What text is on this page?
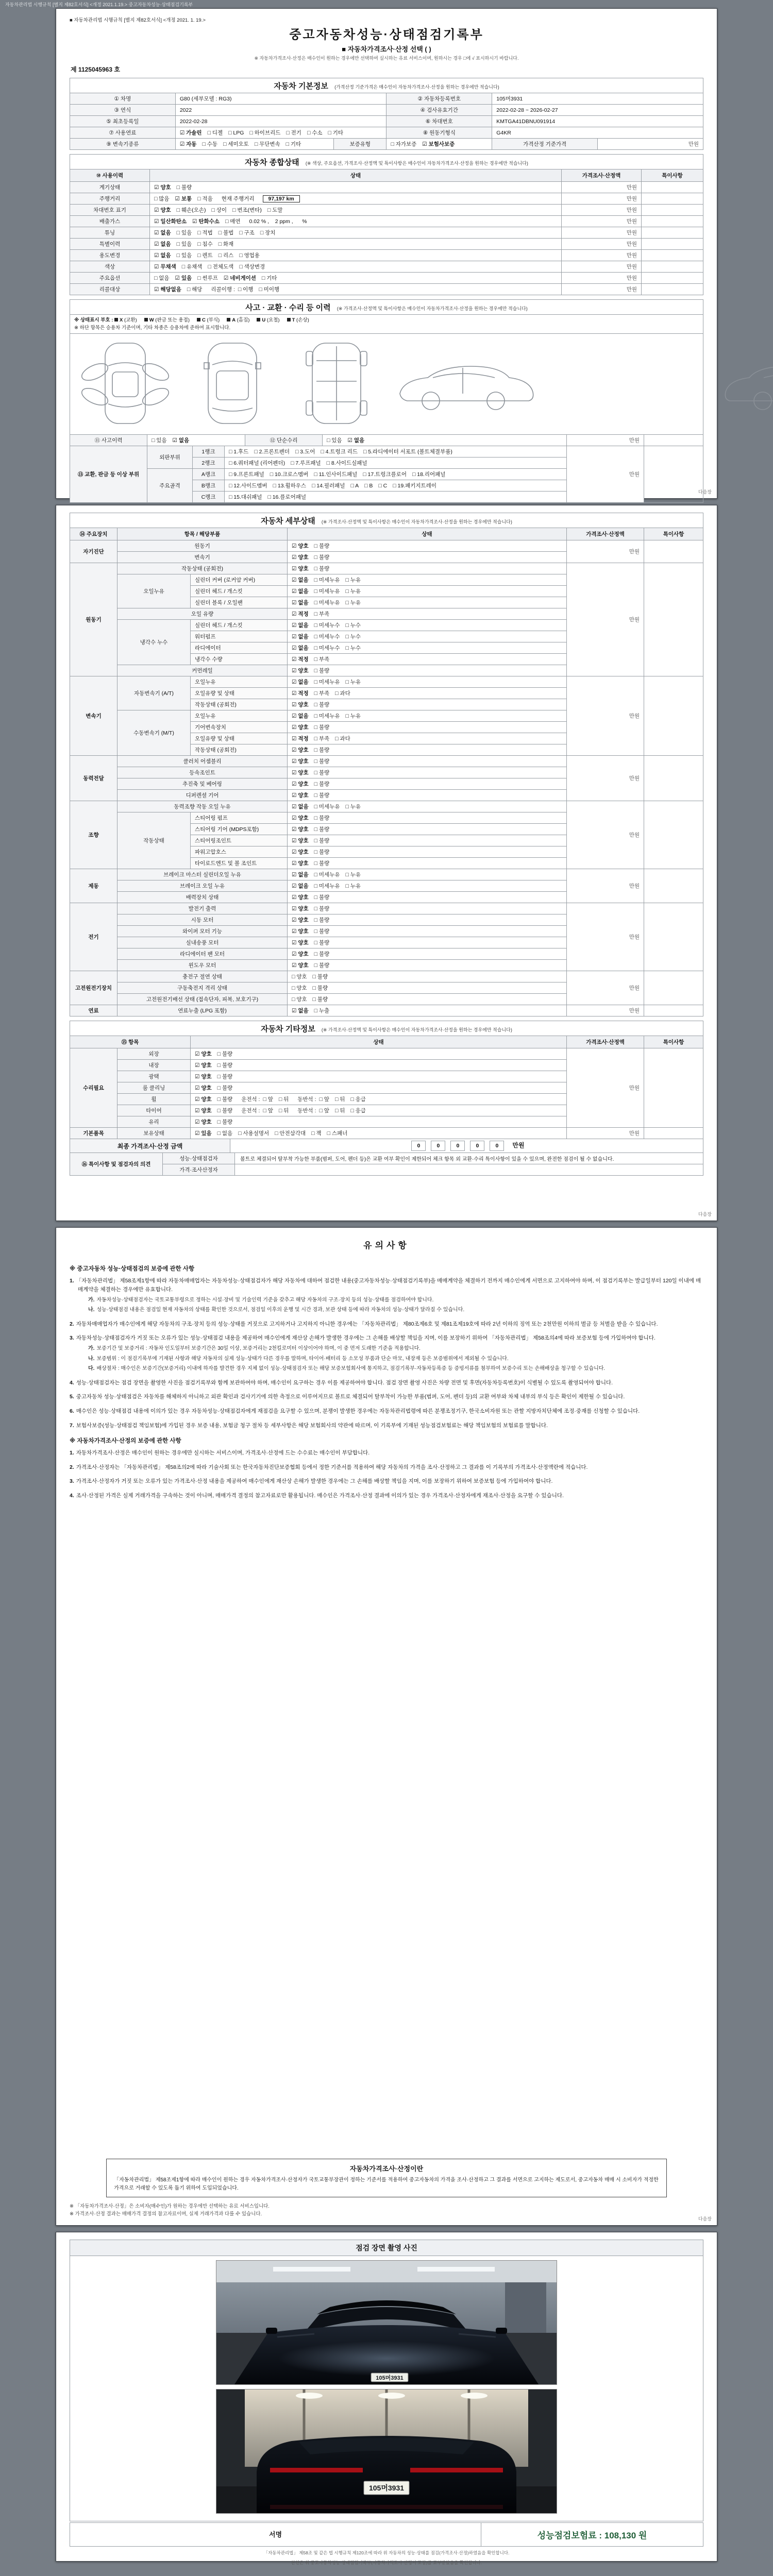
자동차관리법 시행규칙 [별지 제82호서식] <개정 2021.1.19.> 중고자동차성능·상태점검기록부
■ 자동차관리법 시행규칙 [별지 제82호서식] <개정 2021. 1. 19.>
중고자동차성능·상태점검기록부
■ 자동차가격조사·산정 선택 ( )
※ 자동차가격조사·산정은 매수인이 원하는 경우에만 선택하여 실시하는 유료 서비스이며, 원하시는 경우 □에 √ 표시하시기 바랍니다.
제 1125045963 호
자동차 기본정보 (가격산정 기준가격은 매수인이 자동차가격조사·산정을 원하는 경우에만 적습니다)
① 차명	G80 (세부모델 : RG3)		② 자동차등록번호	105머3931	
③ 연식	2022		④ 검사유효기간	2022-02-28 ~ 2026-02-27	
⑤ 최초등록일	2022-02-28		⑥ 차대번호	KMTGA41DBNU091914	
⑦ 사용연료	☑ 가솔린 □ 디젤 □ LPG □ 하이브리드 □ 전기 □ 수소 □ 기타		⑧ 원동기형식	G4KR	
⑨ 변속기종류	☑ 자동 □ 수동 □ 세미오토 □ 무단변속 □ 기타	보증유형	□ 자가보증 ☑ 보험사보증	가격산정 기준가격	만원
자동차 종합상태 (※ 색상, 주요옵션, 가격조사·산정액 및 특이사항은 매수인이 자동차가격조사·산정을 원하는 경우에만 적습니다)
⑩ 사용이력	상태	가격조사·산정액	특이사항
계기상태	☑ 양호 □ 불량	만원	
주행거리	□ 많음 ☑ 보통 □ 적음 현재 주행거리 97,197 km	만원	
차대번호 표기	☑ 양호 □ 훼손(오손) □ 상이 □ 변조(변타) □ 도말	만원	
배출가스	☑ 일산화탄소 ☑ 탄화수소 □ 매연 0.02 % ,    2 ppm ,      %	만원	
튜닝	☑ 없음 □ 있음 □ 적법 □ 불법 □ 구조 □ 장치	만원	
특별이력	☑ 없음 □ 있음 □ 침수 □ 화재	만원	
용도변경	☑ 없음 □ 있음 □ 렌트 □ 리스 □ 영업용	만원	
색상	☑ 무채색 □ 유채색 □ 전체도색 □ 색상변경	만원	
주요옵션	□ 없음 ☑ 있음 □ 썬루프 ☑ 네비게이션 □ 기타	만원	
리콜대상	☑ 해당없음 □ 해당 리콜이행 : □ 이행 □ 미이행	만원	
사고 · 교환 · 수리 등 이력 (※ 가격조사·산정액 및 특이사항은 매수인이 자동차가격조사·산정을 원하는 경우에만 적습니다)
※ 상태표시 부호 : X (교환)	W (판금 또는 용접)	C (부식)	A (흠집)	U (요철)	T (손상)
※ 하단 항목은 승용차 기준이며, 기타 차종은 승용차에 준하여 표시합니다.
⑪ 사고이력	□ 있음 ☑ 없음	⑫ 단순수리	□ 있음 ☑ 없음	만원	
⑬ 교환, 판금 등 이상 부위	외판부위	1랭크	□ 1.후드 □ 2.프론트펜더 □ 3.도어 □ 4.트렁크 리드 □ 5.라디에이터 서포트 (볼트체결부품)	만원	
		2랭크	□ 6.쿼터패널 (리어펜더) □ 7.루프패널 □ 8.사이드실패널		
	주요골격	A랭크	□ 9.프론트패널 □ 10.크로스멤버 □ 11.인사이드패널 □ 17.트렁크플로어 □ 18.리어패널		
		B랭크	□ 12.사이드멤버 □ 13.휠하우스 □ 14.필러패널 □ A □ B □ C □ 19.패키지트레이		
		C랭크	□ 15.대쉬패널 □ 16.플로어패널		
다음장
자동차 세부상태 (※ 가격조사·산정액 및 특이사항은 매수인이 자동차가격조사·산정을 원하는 경우에만 적습니다)
⑭ 주요장치	항목 / 해당부품		상태	가격조사·산정액	특이사항
자기진단	원동기		☑ 양호 □ 불량	만원	
	변속기		☑ 양호 □ 불량		
원동기	작동상태 (공회전)		☑ 양호 □ 불량	만원	
	오일누유	실린더 커버 (로커암 커버)	☑ 없음 □ 미세누유 □ 누유		
		실린더 헤드 / 개스킷	☑ 없음 □ 미세누유 □ 누유		
		실린더 블록 / 오일팬	☑ 없음 □ 미세누유 □ 누유		
	오일 유량		☑ 적정 □ 부족		
	냉각수 누수	실린더 헤드 / 개스킷	☑ 없음 □ 미세누수 □ 누수		
		워터펌프	☑ 없음 □ 미세누수 □ 누수		
		라디에이터	☑ 없음 □ 미세누수 □ 누수		
		냉각수 수량	☑ 적정 □ 부족		
	커먼레일		☑ 양호 □ 불량		
변속기	자동변속기 (A/T)	오일누유	☑ 없음 □ 미세누유 □ 누유	만원	
		오일유량 및 상태	☑ 적정 □ 부족 □ 과다		
		작동상태 (공회전)	☑ 양호 □ 불량		
	수동변속기 (M/T)	오일누유	☑ 없음 □ 미세누유 □ 누유		
		기어변속장치	☑ 양호 □ 불량		
		오일유량 및 상태	☑ 적정 □ 부족 □ 과다		
		작동상태 (공회전)	☑ 양호 □ 불량		
동력전달	클러치 어셈블리		☑ 양호 □ 불량	만원	
	등속조인트		☑ 양호 □ 불량		
	추진축 및 베어링		☑ 양호 □ 불량		
	디퍼렌셜 기어		☑ 양호 □ 불량		
조향	동력조향 작동 오일 누유		☑ 없음 □ 미세누유 □ 누유	만원	
	작동상태	스티어링 펌프	☑ 양호 □ 불량		
		스티어링 기어 (MDPS포함)	☑ 양호 □ 불량		
		스티어링조인트	☑ 양호 □ 불량		
		파워고압호스	☑ 양호 □ 불량		
		타이로드엔드 및 볼 조인트	☑ 양호 □ 불량		
제동	브레이크 마스터 실린더오일 누유		☑ 없음 □ 미세누유 □ 누유	만원	
	브레이크 오일 누유		☑ 없음 □ 미세누유 □ 누유		
	배력장치 상태		☑ 양호 □ 불량		
전기	발전기 출력		☑ 양호 □ 불량	만원	
	시동 모터		☑ 양호 □ 불량		
	와이퍼 모터 기능		☑ 양호 □ 불량		
	실내송풍 모터		☑ 양호 □ 불량		
	라디에이터 팬 모터		☑ 양호 □ 불량		
	윈도우 모터		☑ 양호 □ 불량		
고전원전기장치	충전구 절연 상태		□ 양호 □ 불량	만원	
	구동축전지 격리 상태		□ 양호 □ 불량		
	고전원전기배선 상태 (접속단자, 피복, 보호기구)		□ 양호 □ 불량		
연료	연료누출 (LPG 포함)		☑ 없음 □ 누출	만원	
자동차 기타정보 (※ 가격조사·산정액 및 특이사항은 매수인이 자동차가격조사·산정을 원하는 경우에만 적습니다)
⑮ 항목		상태	가격조사·산정액	특이사항
수리필요	외장	☑ 양호 □ 불량	만원	
	내장	☑ 양호 □ 불량		
	광택	☑ 양호 □ 불량		
	룸 클리닝	☑ 양호 □ 불량		
	휠	☑ 양호 □ 불량 운전석 : □ 앞 □ 뒤 동반석 : □ 앞 □ 뒤 □ 응급		
	타이어	☑ 양호 □ 불량 운전석 : □ 앞 □ 뒤 동반석 : □ 앞 □ 뒤 □ 응급		
	유리	☑ 양호 □ 불량		
기본품목	보유상태	☑ 있음 □ 없음 □ 사용설명서 □ 안전삼각대 □ 잭 □ 스패너	만원	
최종 가격조사·산정 금액	0	0	0	0	0 만원
⑯ 특이사항 및 점검자의 의견	성능·상태점검자	볼트로 체결되어 탈부착 가능한 부품(범퍼, 도어, 펜더 등)은 교환 여부 확인이 제한되어 체크 항목 외 교환·수리 특이사항이 있을 수 있으며, 완전한 점검이 될 수 없습니다.
	가격·조사산정자	
다음장
유의사항
※ 중고자동차 성능·상태점검의 보증에 관한 사항
1. 「자동차관리법」 제58조제1항에 따라 자동차매매업자는 자동차성능·상태점검자가 해당 자동차에 대하여 점검한 내용(중고자동차성능·상태점검기록부)을 매매계약을 체결하기 전까지 매수인에게 서면으로 고지하여야 하며, 이 점검기록부는 발급일부터 120일 이내에 매매계약을 체결하는 경우에만 유효합니다.
가. 자동차성능·상태점검자는 국토교통부령으로 정하는 시설·장비 및 기술인력 기준을 갖추고 해당 자동차의 구조·장치 등의 성능·상태를 점검하여야 합니다.
나. 성능·상태점검 내용은 점검일 현재 자동차의 상태를 확인한 것으로서, 점검일 이후의 운행 및 시간 경과, 보관 상태 등에 따라 자동차의 성능·상태가 달라질 수 있습니다.
2. 자동차매매업자가 매수인에게 해당 자동차의 구조·장치 등의 성능·상태를 거짓으로 고지하거나 고지하지 아니한 경우에는 「자동차관리법」 제80조제6호 및 제81조제19호에 따라 2년 이하의 징역 또는 2천만원 이하의 벌금 등 처벌을 받을 수 있습니다.
3. 자동차성능·상태점검자가 거짓 또는 오류가 있는 성능·상태점검 내용을 제공하여 매수인에게 재산상 손해가 발생한 경우에는 그 손해를 배상할 책임을 지며, 이를 보장하기 위하여 「자동차관리법」 제58조의4에 따라 보증보험 등에 가입하여야 합니다.
가. 보증기간 및 보증거리 : 자동차 인도일부터 보증기간은 30일 이상, 보증거리는 2천킬로미터 이상이어야 하며, 이 중 먼저 도래한 기준을 적용합니다.
나. 보증범위 : 이 점검기록부에 기재된 사항과 해당 자동차의 실제 성능·상태가 다른 경우를 말하며, 타이어·배터리 등 소모성 부품과 단순 마모, 내장재 등은 보증범위에서 제외될 수 있습니다.
다. 배상절차 : 매수인은 보증기간(보증거리) 이내에 하자를 발견한 경우 지체 없이 성능·상태점검자 또는 해당 보증보험회사에 통지하고, 점검기록부·자동차등록증 등 증빙서류를 첨부하여 보증수리 또는 손해배상을 청구할 수 있습니다.
4. 성능·상태점검자는 점검 장면을 촬영한 사진을 점검기록부와 함께 보관하여야 하며, 매수인이 요구하는 경우 이를 제공하여야 합니다. 점검 장면 촬영 사진은 차량 전면 및 후면(자동차등록번호)이 식별될 수 있도록 촬영되어야 합니다.
5. 중고자동차 성능·상태점검은 자동차를 해체하지 아니하고 외관 확인과 검사기기에 의한 측정으로 이루어지므로 볼트로 체결되어 탈부착이 가능한 부품(범퍼, 도어, 펜더 등)의 교환 여부와 차체 내부의 부식 등은 확인이 제한될 수 있습니다.
6. 매수인은 성능·상태점검 내용에 이의가 있는 경우 자동차성능·상태점검자에게 재점검을 요구할 수 있으며, 분쟁이 발생한 경우에는 자동차관리법령에 따른 분쟁조정기구, 한국소비자원 또는 관할 지방자치단체에 조정·중재를 신청할 수 있습니다.
7. 보험사보증(성능·상태점검 책임보험)에 가입된 경우 보증 내용, 보험금 청구 절차 등 세부사항은 해당 보험회사의 약관에 따르며, 이 기록부에 기재된 성능점검보험료는 해당 책임보험의 보험료를 말합니다.
※ 자동차가격조사·산정의 보증에 관한 사항
1. 자동차가격조사·산정은 매수인이 원하는 경우에만 실시하는 서비스이며, 가격조사·산정에 드는 수수료는 매수인이 부담합니다.
2. 가격조사·산정자는 「자동차관리법」 제58조의2에 따라 기술사회 또는 한국자동차진단보증협회 등에서 정한 기준서를 적용하여 해당 자동차의 가격을 조사·산정하고 그 결과를 이 기록부의 가격조사·산정액란에 적습니다.
3. 가격조사·산정자가 거짓 또는 오류가 있는 가격조사·산정 내용을 제공하여 매수인에게 재산상 손해가 발생한 경우에는 그 손해를 배상할 책임을 지며, 이를 보장하기 위하여 보증보험 등에 가입하여야 합니다.
4. 조사·산정된 가격은 실제 거래가격을 구속하는 것이 아니며, 매매가격 결정의 참고자료로만 활용됩니다. 매수인은 가격조사·산정 결과에 이의가 있는 경우 가격조사·산정자에게 재조사·산정을 요구할 수 있습니다.
자동차가격조사·산정이란
「자동차관리법」 제58조제1항에 따라 매수인이 원하는 경우 자동차가격조사·산정자가 국토교통부장관이 정하는 기준서를 적용하여 중고자동차의 가격을 조사·산정하고 그 결과를 서면으로 고지하는 제도로서, 중고자동차 매매 시 소비자가 적정한 가격으로 거래할 수 있도록 돕기 위하여 도입되었습니다.
※ 「자동차가격조사·산정」은 소비자(매수인)가 원하는 경우에만 선택하는 유료 서비스입니다.
※ 가격조사·산정 결과는 매매가격 결정의 참고자료이며, 실제 거래가격과 다를 수 있습니다.
다음장
점검 장면 촬영 사진
105머3931
105머3931
서명	성능점검보험료 : 108,130 원
「자동차관리법」 제58조 및 같은 법 시행규칙 제120조에 따라 위 자동차의 성능·상태를 점검(가격조사·산정)하였음을 확인합니다.
본인은 위 중고자동차성능·상태점검기록부(자동차가격조사·산정서 포함)를 교부받았음을 확인합니다.
